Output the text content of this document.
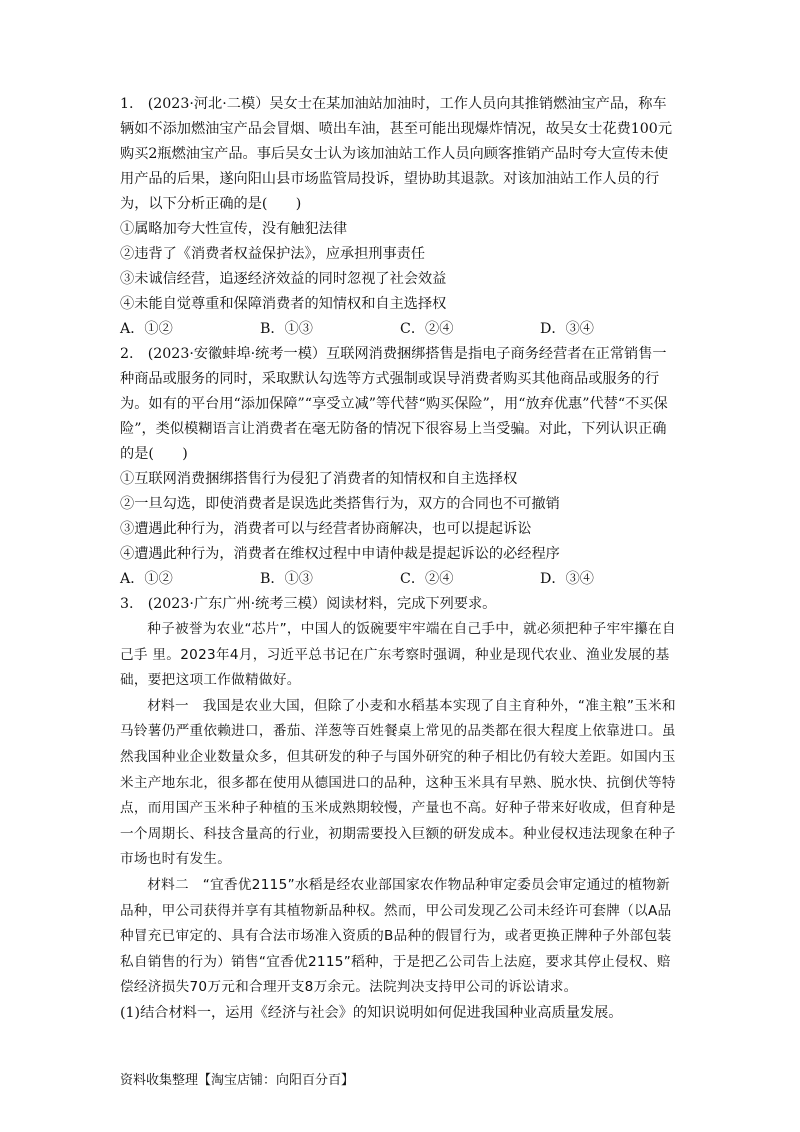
1.　(2023·河北·二模）吴女士在某加油站加油时，工作人员向其推销燃油宝产品，称车辆如不添加燃油宝产品会冒烟、喷出车油，甚至可能出现爆炸情况，故吴女士花费100元购买2瓶燃油宝产品。事后吴女士认为该加油站工作人员向顾客推销产品时夸大宣传未使用产品的后果，遂向阳山县市场监管局投诉，望协助其退款。对该加油站工作人员的行为，以下分析正确的是(　　)

①属略加夸大性宣传，没有触犯法律

②违背了《消费者权益保护法》，应承担刑事责任

③未诚信经营，追逐经济效益的同时忽视了社会效益

④未能自觉尊重和保障消费者的知情权和自主选择权

A．①②	B．①③	C．②④	D．③④

2.　(2023·安徽蚌埠·统考一模）互联网消费捆绑搭售是指电子商务经营者在正常销售一种商品或服务的同时，采取默认勾选等方式强制或误导消费者购买其他商品或服务的行为。如有的平台用“添加保障”“享受立减”等代替“购买保险”，用“放弃优惠”代替“不买保险”，类似模糊语言让消费者在毫无防备的情况下很容易上当受骗。对此，下列认识正确的是(　　)

①互联网消费捆绑搭售行为侵犯了消费者的知情权和自主选择权

②一旦勾选，即使消费者是误选此类搭售行为，双方的合同也不可撤销

③遭遇此种行为，消费者可以与经营者协商解决，也可以提起诉讼

④遭遇此种行为，消费者在维权过程中申请仲裁是提起诉讼的必经程序

A．①②	B．①③	C．②④	D．③④

3.　(2023·广东广州·统考三模）阅读材料，完成下列要求。

种子被誉为农业“芯片”，中国人的饭碗要牢牢端在自己手中，就必须把种子牢牢攥在自己手 里。2023年4月，习近平总书记在广东考察时强调，种业是现代农业、渔业发展的基础，要把这项工作做精做好。

材料一　我国是农业大国，但除了小麦和水稻基本实现了自主育种外，“准主粮”玉米和马铃薯仍严重依赖进口，番茄、洋葱等百姓餐桌上常见的品类都在很大程度上依靠进口。虽然我国种业企业数量众多，但其研发的种子与国外研究的种子相比仍有较大差距。如国内玉米主产地东北，很多都在使用从德国进口的品种，这种玉米具有早熟、脱水快、抗倒伏等特点，而用国产玉米种子种植的玉米成熟期较慢，产量也不高。好种子带来好收成，但育种是一个周期长、科技含量高的行业，初期需要投入巨额的研发成本。种业侵权违法现象在种子市场也时有发生。

材料二　“宜香优2115”水稻是经农业部国家农作物品种审定委员会审定通过的植物新品种，甲公司获得并享有其植物新品种权。然而，甲公司发现乙公司未经许可套牌（以A品种冒充已审定的、具有合法市场准入资质的B品种的假冒行为，或者更换正牌种子外部包装私自销售的行为）销售“宜香优2115”稻种，于是把乙公司告上法庭，要求其停止侵权、赔偿经济损失70万元和合理开支8万余元。法院判决支持甲公司的诉讼请求。

(1)结合材料一，运用《经济与社会》的知识说明如何促进我国种业高质量发展。

资料收集整理【淘宝店铺：向阳百分百】
